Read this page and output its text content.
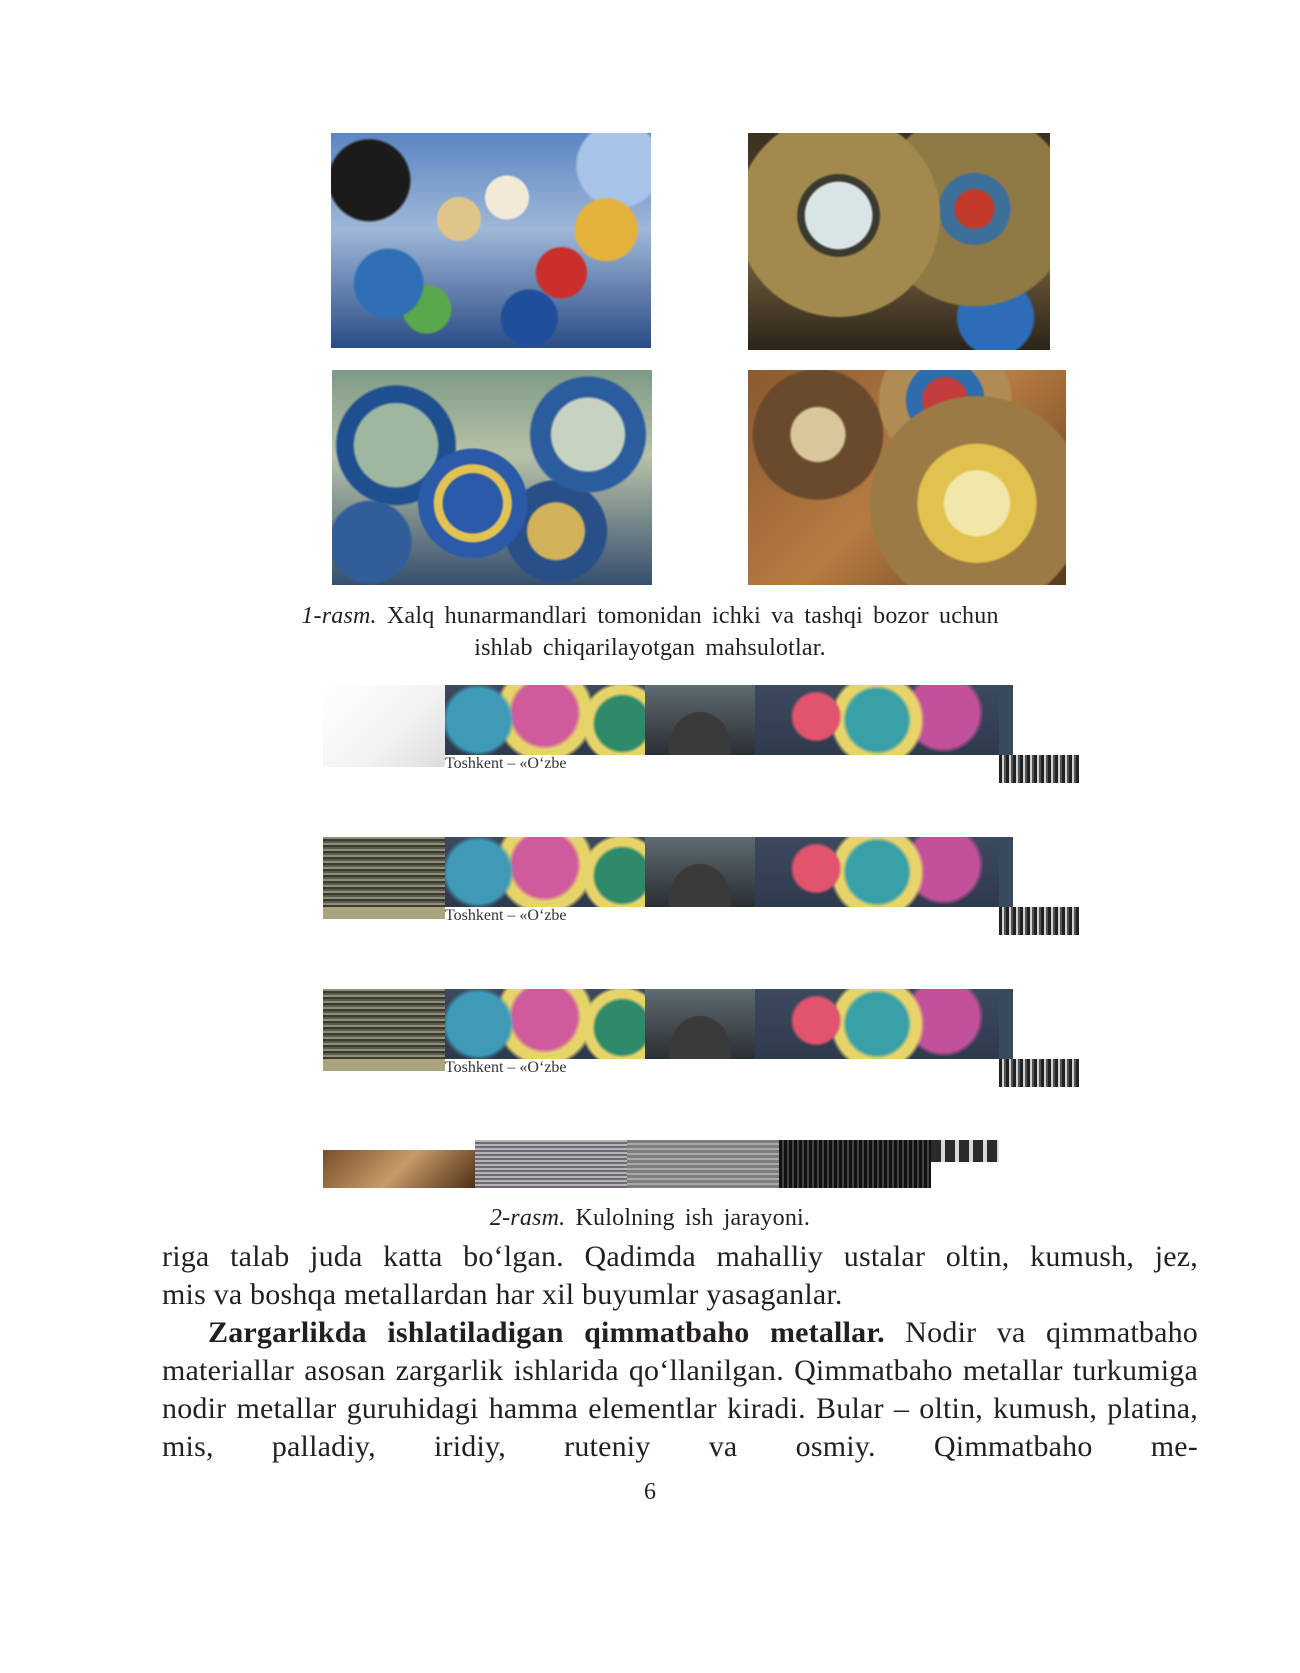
1-rasm. Xalq hunarmandlari tomonidan ichki va tashqi bozor uchun
ishlab chiqarilayotgan mahsulotlar.
Toshkent – «O‘zbe
Toshkent – «O‘zbe
Toshkent – «O‘zbe
2-rasm. Kulolning ish jarayoni.

riga talab juda katta bo‘lgan. Qadimda mahalliy ustalar oltin, kumush, jez,

mis va boshqa metallardan har xil buyumlar yasaganlar.

Zargarlikda ishlatiladigan qimmatbaho metallar. Nodir va qimmatbaho materiallar asosan zargarlik ishlarida qo‘llanilgan. Qimmatbaho metallar turkumiga nodir metallar guruhidagi hamma elementlar kiradi. Bular – oltin, kumush, platina, mis, palladiy, iridiy, ruteniy va osmiy. Qimmatbaho me-

6
